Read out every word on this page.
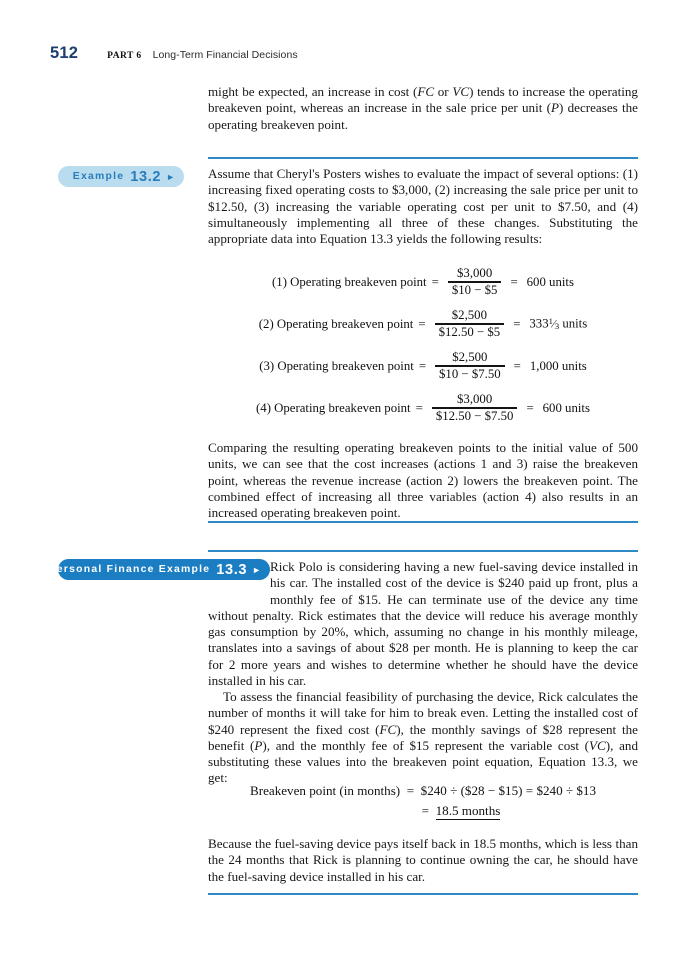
512	PART 6 Long-Term Financial Decisions

might be expected, an increase in cost (FC or VC) tends to increase the operating breakeven point, whereas an increase in the sale price per unit (P) decreases the operating breakeven point.

Example 13.2 ►	Assume that Cheryl's Posters wishes to evaluate the impact of several options: (1) increasing fixed operating costs to $3,000, (2) increasing the sale price per unit to $12.50, (3) increasing the variable operating cost per unit to $7.50, and (4) simultaneously implementing all three of these changes. Substituting the appropriate data into Equation 13.3 yields the following results:

(1) Operating breakeven point = $\frac{\$3,000}{\$10 - \$5} = 600$ units
(2) Operating breakeven point = $\frac{\$2,500}{\$12.50 - \$5}$ = $333^1⁄_3$ units
(3) Operating breakeven point = $\frac{\$2,500}{\$10 - \$7.50} = 1,000$ units
(4) Operating breakeven point = $\frac{\$3,000}{\$12.50 - \$7.50} = 600$ units

Comparing the resulting operating breakeven points to the initial value of 500 units, we can see that the cost increases (actions 1 and 3) raise the breakeven point, whereas the revenue increase (action 2) lowers the breakeven point. The combined effect of increasing all three variables (action 4) also results in an increased operating breakeven point.

Personal Finance Example 13.3 ► Rick Polo is considering having a new fuel-saving device installed in his car. The installed cost of the device is $240 paid up front, plus a monthly fee of $15. He can terminate use of the device any time without penalty. Rick estimates that the device will reduce his average monthly gas consumption by 20%, which, assuming no change in his monthly mileage, translates into a savings of about $28 per month. He is planning to keep the car for 2 more years and wishes to determine whether he should have the device installed in his car.

To assess the financial feasibility of purchasing the device, Rick calculates the number of months it will take for him to break even. Letting the installed cost of $240 represent the fixed cost (FC), the monthly savings of $28 represent the benefit (P), and the monthly fee of $15 represent the variable cost (VC), and substituting these values into the breakeven point equation, Equation 13.3, we get:

Breakeven point (in months) = $240 ÷ ($28 − $15) = $240 ÷ $13
= 18.5 months

Because the fuel-saving device pays itself back in 18.5 months, which is less than the 24 months that Rick is planning to continue owning the car, he should have the fuel-saving device installed in his car.
